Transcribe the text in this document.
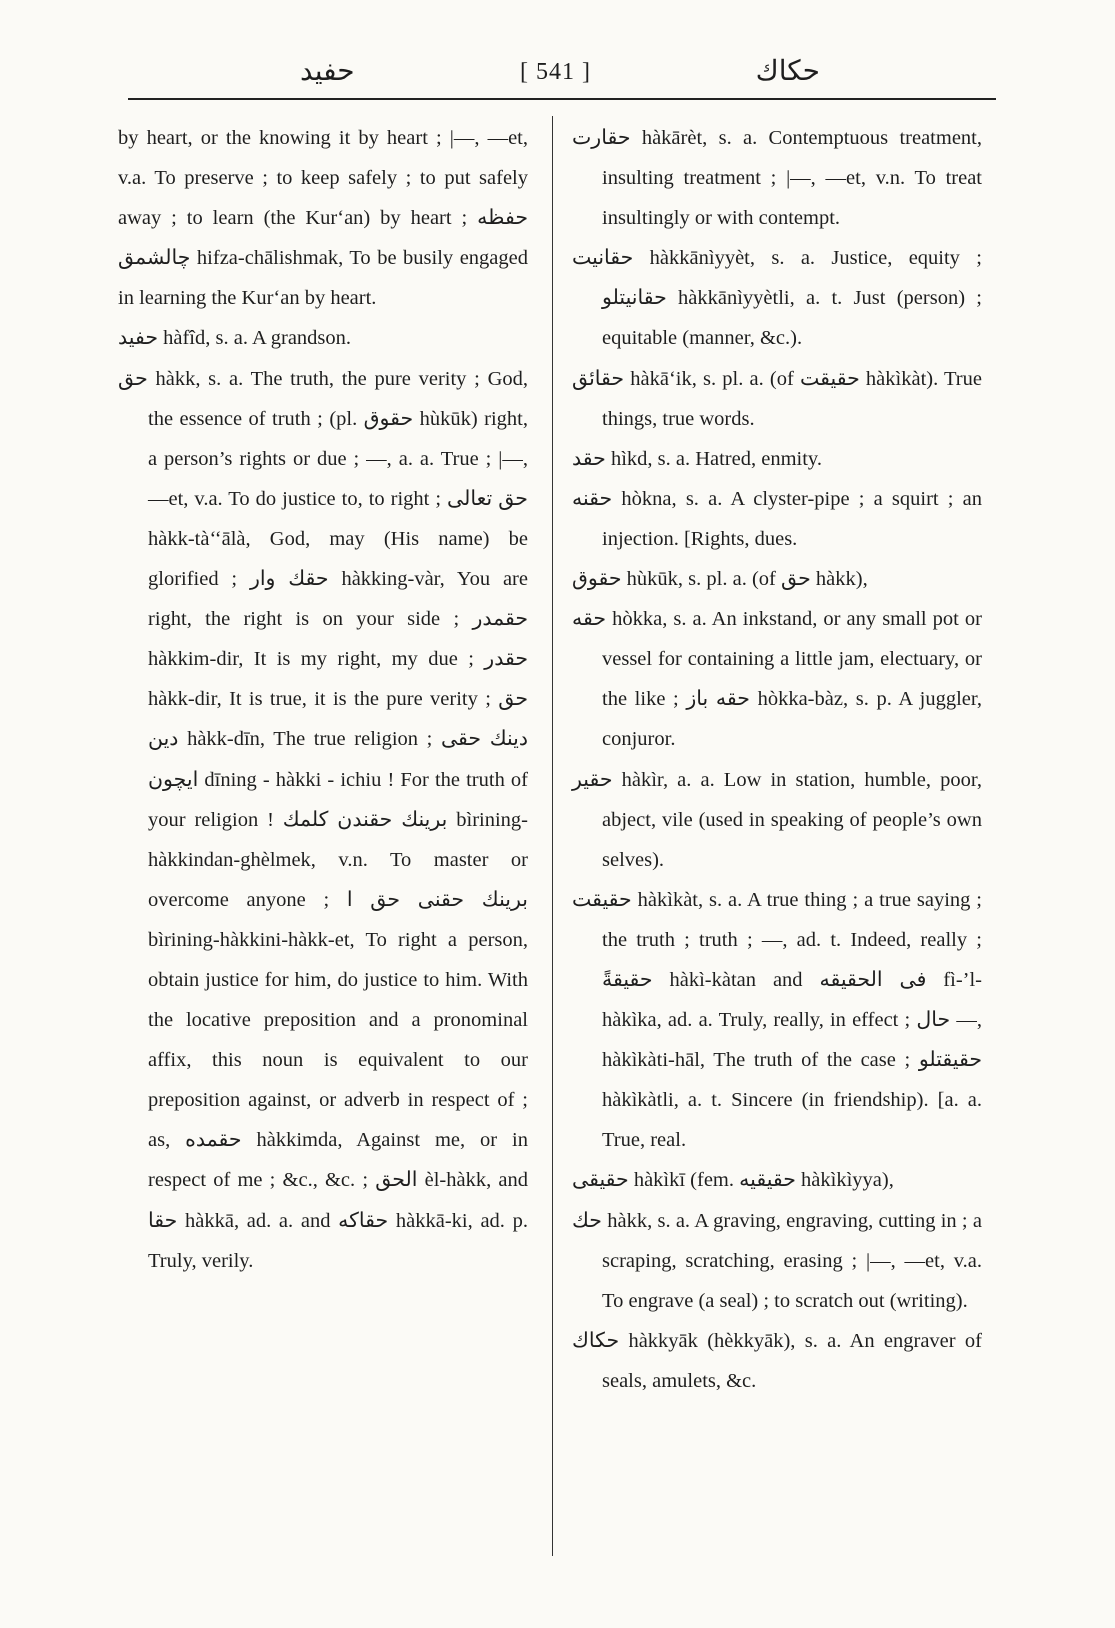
حفید	[ 541 ]	حکاك

by heart, or the knowing it by heart ; |—, —et, v.a. To preserve ; to keep safely ; to put safely away ; to learn (the Kur‘an) by heart ; حفظه چالشمق hifza-chālishmak, To be busily engaged in learning the Kur‘an by heart.

حفید hàfîd, s. a. A grandson.

حق hàkk, s. a. The truth, the pure verity ; God, the essence of truth ; (pl. حقوق hùkūk) right, a person’s rights or due ; —, a. a. True ; |—, —et, v.a. To do justice to, to right ; حق تعالی hàkk-tà‘‘ālà, God, may (His name) be glorified ; حقك وار hàkking-vàr, You are right, the right is on your side ; حقمدر hàkkim-dir, It is my right, my due ; حقدر hàkk-dir, It is true, it is the pure verity ; حق دین hàkk-dīn, The true religion ; دینك حقی ایچون dīning - hàkki - ichiu ! For the truth of your religion ! برینك حقندن کلمك bìrining-hàkkindan-ghèlmek, v.n. To master or overcome anyone ; برینك حقنی حق ا bìrining-hàkkini-hàkk-et, To right a person, obtain justice for him, do justice to him. With the locative preposition and a pronominal affix, this noun is equivalent to our preposition against, or adverb in respect of ; as, حقمده hàkkimda, Against me, or in respect of me ; &c., &c. ; الحق èl-hàkk, and حقا hàkkā, ad. a. and حقاکه hàkkā-ki, ad. p. Truly, verily.

حقارت hàkārèt, s. a. Contemptuous treatment, insulting treatment ; |—, —et, v.n. To treat insultingly or with contempt.

حقانیت hàkkānìyyèt, s. a. Justice, equity ; حقانیتلو hàkkānìyyètli, a. t. Just (person) ; equitable (manner, &c.).

حقائق hàkā‘ik, s. pl. a. (of حقیقت hàkìkàt). True things, true words.

حقد hìkd, s. a. Hatred, enmity.

حقنه hòkna, s. a. A clyster-pipe ; a squirt ; an injection. [Rights, dues.

حقوق hùkūk, s. pl. a. (of حق hàkk),

حقه hòkka, s. a. An inkstand, or any small pot or vessel for containing a little jam, electuary, or the like ; حقه باز hòkka-bàz, s. p. A juggler, conjuror.

حقیر hàkìr, a. a. Low in station, humble, poor, abject, vile (used in speaking of people’s own selves).

حقیقت hàkìkàt, s. a. A true thing ; a true saying ; the truth ; truth ; —, ad. t. Indeed, really ; حقیقةً hàkì-kàtan and فی الحقیقه fì-’l-hàkìka, ad. a. Truly, really, in effect ; حال —, hàkìkàti-hāl, The truth of the case ; حقیقتلو hàkìkàtli, a. t. Sincere (in friendship). [a. a. True, real.

حقیقی hàkìkī (fem. حقیقیه hàkìkìyya),

حك hàkk, s. a. A graving, engraving, cutting in ; a scraping, scratching, erasing ; |—, —et, v.a. To engrave (a seal) ; to scratch out (writing).

حکاك hàkkyāk (hèkkyāk), s. a. An engraver of seals, amulets, &c.
